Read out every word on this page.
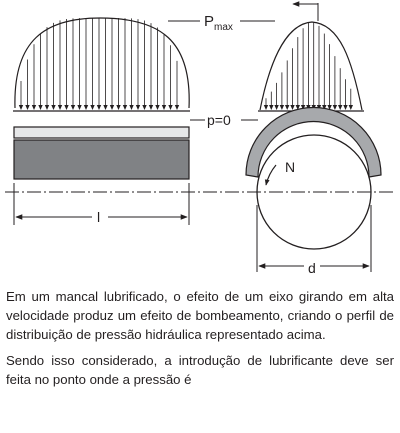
$P_{max}$
p=0
l
N
d

Em um mancal lubrificado, o efeito de um eixo girando em alta velocidade produz um efeito de bombeamento, criando o perfil de distribuição de pressão hidráulica representado acima.

Sendo isso considerado, a introdução de lubrificante deve ser feita no ponto onde a pressão é
